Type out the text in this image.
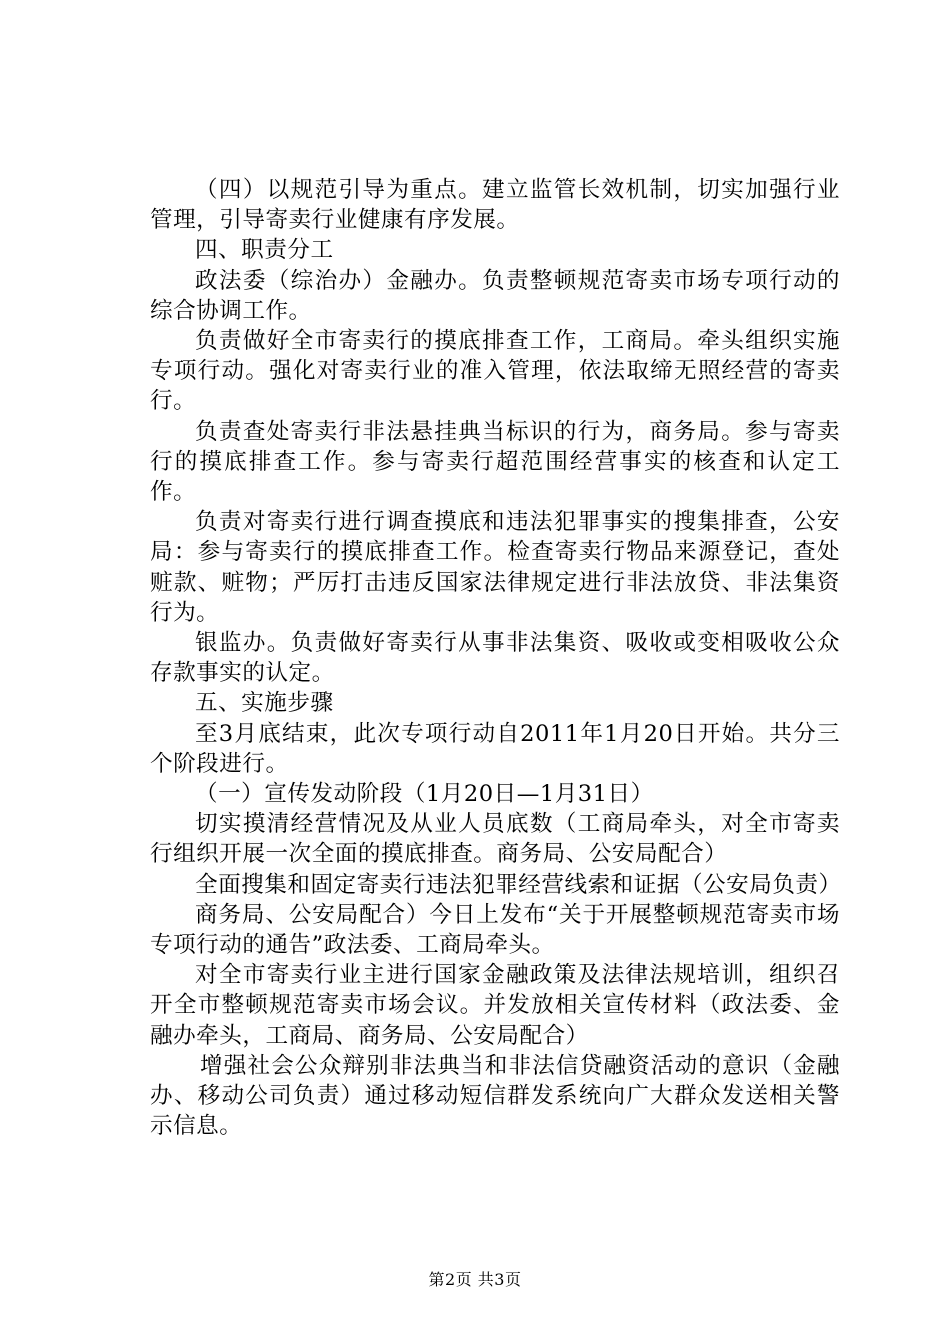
（四）以规范引导为重点。建立监管长效机制，切实加强行业管理，引导寄卖行业健康有序发展。

四、职责分工

政法委（综治办）金融办。负责整顿规范寄卖市场专项行动的综合协调工作。

负责做好全市寄卖行的摸底排查工作，工商局。牵头组织实施专项行动。强化对寄卖行业的准入管理，依法取缔无照经营的寄卖行。

负责查处寄卖行非法悬挂典当标识的行为，商务局。参与寄卖行的摸底排查工作。参与寄卖行超范围经营事实的核查和认定工作。

负责对寄卖行进行调查摸底和违法犯罪事实的搜集排查，公安局：参与寄卖行的摸底排查工作。检查寄卖行物品来源登记，查处赃款、赃物；严厉打击违反国家法律规定进行非法放贷、非法集资行为。

银监办。负责做好寄卖行从事非法集资、吸收或变相吸收公众存款事实的认定。

五、实施步骤

至3月底结束，此次专项行动自2011年1月20日开始。共分三个阶段进行。

（一）宣传发动阶段（1月20日—1月31日）

切实摸清经营情况及从业人员底数（工商局牵头，对全市寄卖行组织开展一次全面的摸底排查。商务局、公安局配合）

全面搜集和固定寄卖行违法犯罪经营线索和证据（公安局负责）

商务局、公安局配合）今日上发布“关于开展整顿规范寄卖市场专项行动的通告”政法委、工商局牵头。

对全市寄卖行业主进行国家金融政策及法律法规培训，组织召开全市整顿规范寄卖市场会议。并发放相关宣传材料（政法委、金融办牵头，工商局、商务局、公安局配合）

增强社会公众辩别非法典当和非法信贷融资活动的意识（金融办、移动公司负责）通过移动短信群发系统向广大群众发送相关警示信息。

第2页 共3页
